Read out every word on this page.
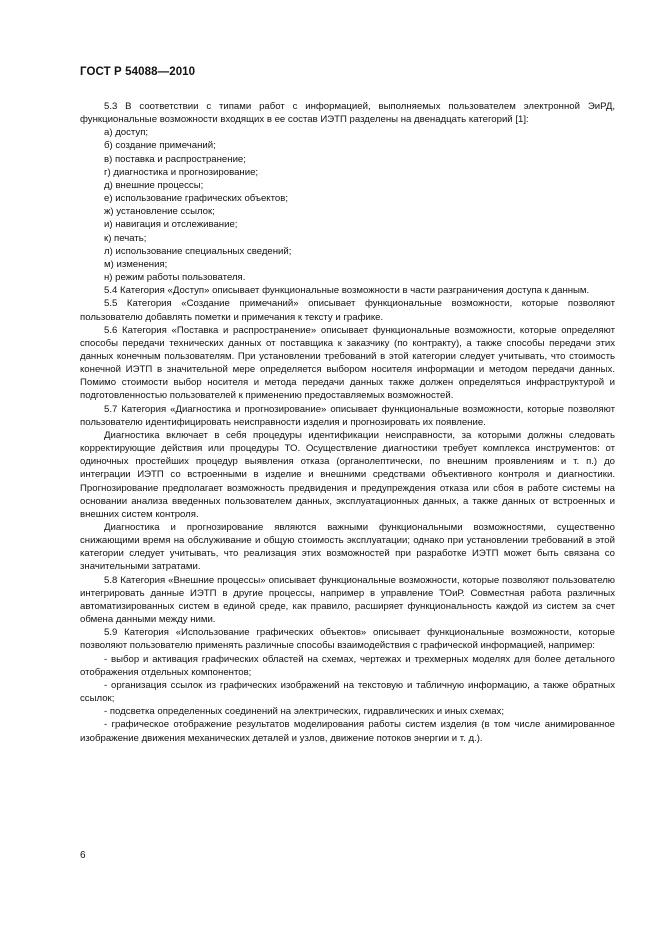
ГОСТ Р 54088—2010

5.3 В соответствии с типами работ с информацией, выполняемых пользователем электронной ЭиРД, функциональные возможности входящих в ее состав ИЭТП разделены на двенадцать категорий [1]:

а) доступ;

б) создание примечаний;

в) поставка и распространение;

г) диагностика и прогнозирование;

д) внешние процессы;

е) использование графических объектов;

ж) установление ссылок;

и) навигация и отслеживание;

к) печать;

л) использование специальных сведений;

м) изменения;

н) режим работы пользователя.

5.4 Категория «Доступ» описывает функциональные возможности в части разграничения доступа к данным.

5.5 Категория «Создание примечаний» описывает функциональные возможности, которые позволяют пользователю добавлять пометки и примечания к тексту и графике.

5.6 Категория «Поставка и распространение» описывает функциональные возможности, которые определяют способы передачи технических данных от поставщика к заказчику (по контракту), а также способы передачи этих данных конечным пользователям. При установлении требований в этой категории следует учитывать, что стоимость конечной ИЭТП в значительной мере определяется выбором носителя информации и методом передачи данных. Помимо стоимости выбор носителя и метода передачи данных также должен определяться инфраструктурой и подготовленностью пользователей к применению предоставляемых возможностей.

5.7 Категория «Диагностика и прогнозирование» описывает функциональные возможности, которые позволяют пользователю идентифицировать неисправности изделия и прогнозировать их появление.

Диагностика включает в себя процедуры идентификации неисправности, за которыми должны следовать корректирующие действия или процедуры ТО. Осуществление диагностики требует комплекса инструментов: от одиночных простейших процедур выявления отказа (органолептически, по внешним проявлениям и т. п.) до интеграции ИЭТП со встроенными в изделие и внешними средствами объективного контроля и диагностики. Прогнозирование предполагает возможность предвидения и предупреждения отказа или сбоя в работе системы на основании анализа введенных пользователем данных, эксплуатационных данных, а также данных от встроенных и внешних систем контроля.

Диагностика и прогнозирование являются важными функциональными возможностями, существенно снижающими время на обслуживание и общую стоимость эксплуатации; однако при установлении требований в этой категории следует учитывать, что реализация этих возможностей при разработке ИЭТП может быть связана со значительными затратами.

5.8 Категория «Внешние процессы» описывает функциональные возможности, которые позволяют пользователю интегрировать данные ИЭТП в другие процессы, например в управление ТОиР. Совместная работа различных автоматизированных систем в единой среде, как правило, расширяет функциональность каждой из систем за счет обмена данными между ними.

5.9 Категория «Использование графических объектов» описывает функциональные возможности, которые позволяют пользователю применять различные способы взаимодействия с графической информацией, например:

- выбор и активация графических областей на схемах, чертежах и трехмерных моделях для более детального отображения отдельных компонентов;

- организация ссылок из графических изображений на текстовую и табличную информацию, а также обратных ссылок;

- подсветка определенных соединений на электрических, гидравлических и иных схемах;

- графическое отображение результатов моделирования работы систем изделия (в том числе анимированное изображение движения механических деталей и узлов, движение потоков энергии и т. д.).

6
